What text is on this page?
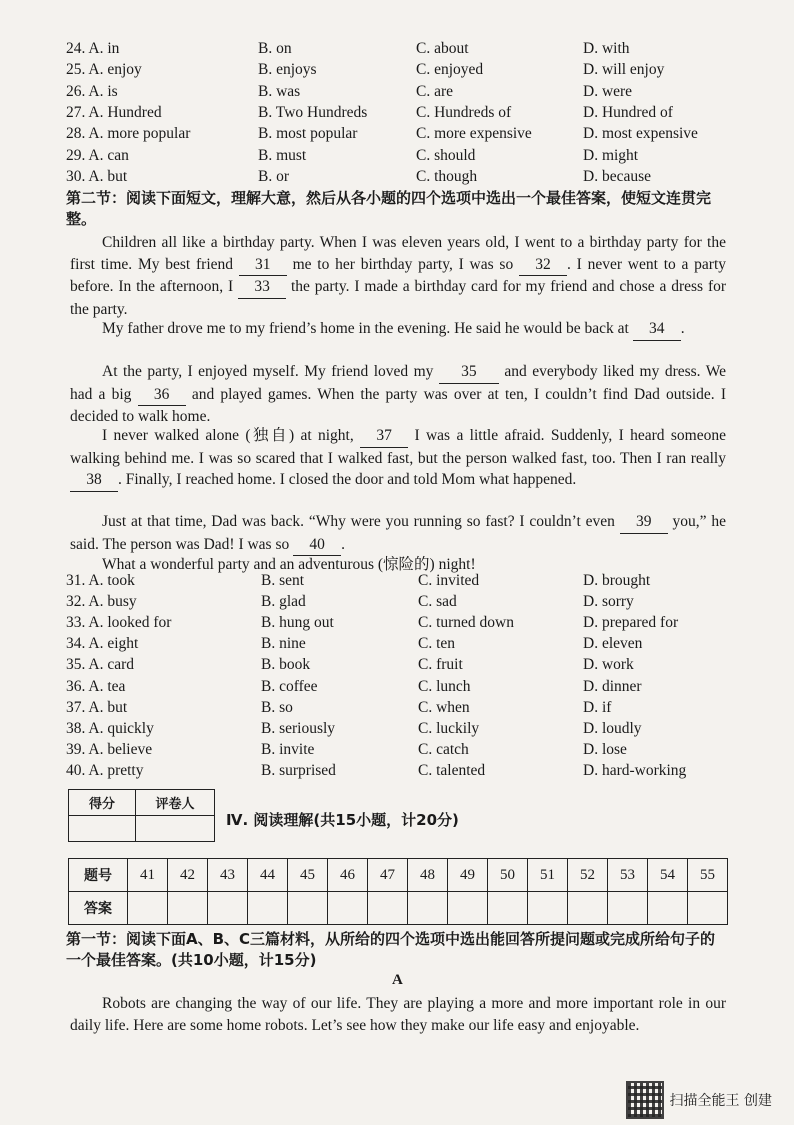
24. A. in	B. on	C. about	D. with
25. A. enjoy	B. enjoys	C. enjoyed	D. will enjoy
26. A. is	B. was	C. are	D. were
27. A. Hundred	B. Two Hundreds	C. Hundreds of	D. Hundred of
28. A. more popular	B. most popular	C. more expensive	D. most expensive
29. A. can	B. must	C. should	D. might
30. A. but	B. or	C. though	D. because
第二节：阅读下面短文，理解大意，然后从各小题的四个选项中选出一个最佳答案，使短文连贯完整。
Children all like a birthday party. When I was eleven years old, I went to a birthday party for the first time. My best friend 31 me to her birthday party, I was so 32 . I never went to a party before. In the afternoon, I 33 the party. I made a birthday card for my friend and chose a dress for the party.
My father drove me to my friend’s home in the evening. He said he would be back at 34 .
At the party, I enjoyed myself. My friend loved my 35 and everybody liked my dress. We had a big 36 and played games. When the party was over at ten, I couldn’t find Dad outside. I decided to walk home.
I never walked alone (独自) at night, 37 I was a little afraid. Suddenly, I heard someone walking behind me. I was so scared that I walked fast, but the person walked fast, too. Then I ran really 38 . Finally, I reached home. I closed the door and told Mom what happened.
Just at that time, Dad was back. “Why were you running so fast? I couldn’t even 39 you,” he said. The person was Dad! I was so 40 .
What a wonderful party and an adventurous (惊险的) night!
31. A. took	B. sent	C. invited	D. brought
32. A. busy	B. glad	C. sad	D. sorry
33. A. looked for	B. hung out	C. turned down	D. prepared for
34. A. eight	B. nine	C. ten	D. eleven
35. A. card	B. book	C. fruit	D. work
36. A. tea	B. coffee	C. lunch	D. dinner
37. A. but	B. so	C. when	D. if
38. A. quickly	B. seriously	C. luckily	D. loudly
39. A. believe	B. invite	C. catch	D. lose
40. A. pretty	B. surprised	C. talented	D. hard-working
得分	评卷人

Ⅳ. 阅读理解(共15小题，计20分)
题号	41	42	43	44	45	46	47	48	49	50	51	52	53	54	55
答案															
第一节：阅读下面A、B、C三篇材料，从所给的四个选项中选出能回答所提问题或完成所给句子的一个最佳答案。(共10小题，计15分)
A
Robots are changing the way of our life. They are playing a more and more important role in our daily life. Here are some home robots. Let’s see how they make our life easy and enjoyable.
扫描全能王 创建
